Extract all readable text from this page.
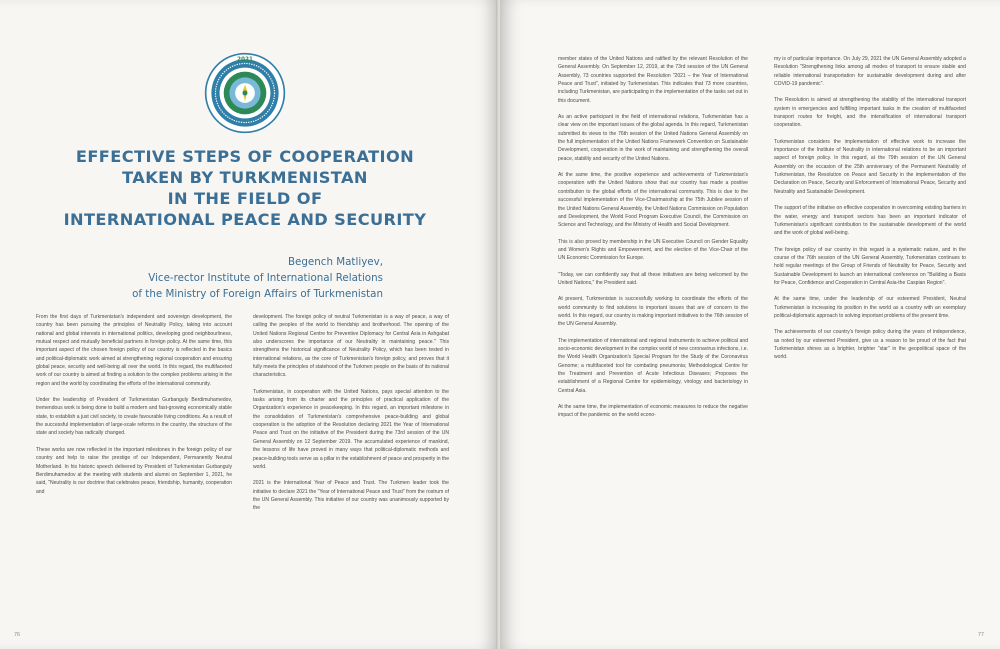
2021
EFFECTIVE STEPS OF COOPERATION
TAKEN BY TURKMENISTAN
IN THE FIELD OF
INTERNATIONAL PEACE AND SECURITY
Begench Matliyev,
Vice-rector Institute of International Relations
of the Ministry of Foreign Affairs of Turkmenistan

From the first days of Turkmenistan's independent and sovereign development, the country has been pursuing the principles of Neutrality Policy, taking into account national and global interests in international politics, developing good neighbourliness, mutual respect and mutually beneficial partners in foreign policy. At the same time, this important aspect of the chosen foreign policy of our country is reflected in the basics and political-diplomatic work aimed at strengthening regional cooperation and ensuring global peace, security and well-being all over the world. In this regard, the multifaceted work of our country is aimed at finding a solution to the complex problems arising in the region and the world by coordinating the efforts of the international community.

Under the leadership of President of Turkmenistan Gurbanguly Berdimuhamedov, tremendous work is being done to build a modern and fast-growing economically stable state, to establish a just civil society, to create favourable living conditions. As a result of the successful implementation of large-scale reforms in the country, the structure of the state and society has radically changed.

These works are now reflected in the important milestones in the foreign policy of our country and help to raise the prestige of our Independent, Permanently Neutral Motherland. In his historic speech delivered by President of Turkmenistan Gurbanguly Berdimuhamedov at the meeting with students and alumni on September 1, 2021, he said, "Neutrality is our doctrine that celebrates peace, friendship, humanity, cooperation and

development. The foreign policy of neutral Turkmenistan is a way of peace, a way of calling the peoples of the world to friendship and brotherhood. The opening of the United Nations Regional Centre for Preventive Diplomacy for Central Asia in Ashgabat also underscores the importance of our Neutrality in maintaining peace." This strengthens the historical significance of Neutrality Policy, which has been tested in international relations, as the core of Turkmenistan's foreign policy, and proves that it fully meets the principles of statehood of the Turkmen people on the basis of its national characteristics.

Turkmenistan, in cooperation with the United Nations, pays special attention to the tasks arising from its charter and the principles of practical application of the Organization's experience in peacekeeping. In this regard, an important milestone in the consolidation of Turkmenistan's comprehensive peace-building and global cooperation is the adoption of the Resolution declaring 2021 the Year of International Peace and Trust on the initiative of the President during the 73rd session of the UN General Assembly on 12 September 2019. The accumulated experience of mankind, the lessons of life have proved in many ways that political-diplomatic methods and peace-building tools serve as a pillar in the establishment of peace and prosperity in the world.

2021 is the International Year of Peace and Trust. The Turkmen leader took the initiative to declare 2021 the "Year of International Peace and Trust" from the rostrum of the UN General Assembly. This initiative of our country was unanimously supported by the

76

member states of the United Nations and ratified by the relevant Resolution of the General Assembly. On September 12, 2019, at the 73rd session of the UN General Assembly, 73 countries supported the Resolution "2021 – the Year of International Peace and Trust", initiated by Turkmenistan. This indicates that 73 more countries, including Turkmenistan, are participating in the implementation of the tasks set out in this document.

As an active participant in the field of international relations, Turkmenistan has a clear view on the important issues of the global agenda. In this regard, Turkmenistan submitted its views to the 76th session of the United Nations General Assembly on the full implementation of the United Nations Framework Convention on Sustainable Development, cooperation in the work of maintaining and strengthening the overall peace, stability and security of the United Nations.

At the same time, the positive experience and achievements of Turkmenistan's cooperation with the United Nations show that our country has made a positive contribution to the global efforts of the international community. This is due to the successful implementation of the Vice-Chairmanship at the 75th Jubilee session of the United Nations General Assembly, the United Nations Commission on Population and Development, the World Food Program Executive Council, the Commission on Science and Technology, and the Ministry of Health and Social Development.

This is also proved by membership in the UN Executive Council on Gender Equality and Women's Rights and Empowerment, and the election of the Vice-Chair of the UN Economic Commission for Europe.

"Today, we can confidently say that all these initiatives are being welcomed by the United Nations," the President said.

At present, Turkmenistan is successfully working to coordinate the efforts of the world community to find solutions to important issues that are of concern to the world. In this regard, our country is making important initiatives to the 76th session of the UN General Assembly.

The implementation of international and regional instruments to achieve political and socio-economic development in the complex world of new coronavirus infections, i.e. the World Health Organization's Special Program for the Study of the Coronavirus Genome; a multifaceted tool for combating pneumonia; Methodological Centre for the Treatment and Prevention of Acute Infectious Diseases; Proposes the establishment of a Regional Centre for epidemiology, virology and bacteriology in Central Asia.

At the same time, the implementation of economic measures to reduce the negative impact of the pandemic on the world econo-

my is of particular importance. On July 29, 2021 the UN General Assembly adopted a Resolution "Strengthening links among all modes of transport to ensure stable and reliable international transportation for sustainable development during and after COVID-19 pandemic".

The Resolution is aimed at strengthening the stability of the international transport system in emergencies and fulfilling important tasks in the creation of multifaceted transport routes for freight, and the intensification of international transport cooperation.

Turkmenistan considers the implementation of effective work to increase the importance of the Institute of Neutrality in international relations to be an important aspect of foreign policy. In this regard, at the 79th session of the UN General Assembly on the occasion of the 25th anniversary of the Permanent Neutrality of Turkmenistan, the Resolution on Peace and Security in the implementation of the Declaration on Peace, Security and Enforcement of International Peace, Security and Neutrality and Sustainable Development.

The support of the initiative on effective cooperation in overcoming existing barriers in the water, energy and transport sectors has been an important indicator of Turkmenistan's significant contribution to the sustainable development of the world and the work of global well-being.

The foreign policy of our country in this regard is a systematic nature, and in the course of the 76th session of the UN General Assembly, Turkmenistan continues to hold regular meetings of the Group of Friends of Neutrality for Peace, Security and Sustainable Development to launch an international conference on "Building a Basis for Peace, Confidence and Cooperation in Central Asia-the Caspian Region".

At the same time, under the leadership of our esteemed President, Neutral Turkmenistan is increasing its position in the world as a country with an exemplary political-diplomatic approach to solving important problems of the present time.

The achievements of our country's foreign policy during the years of independence, as noted by our esteemed President, give us a reason to be proud of the fact that Turkmenistan shines as a brighter, brighter "star" in the geopolitical space of the world.

77
